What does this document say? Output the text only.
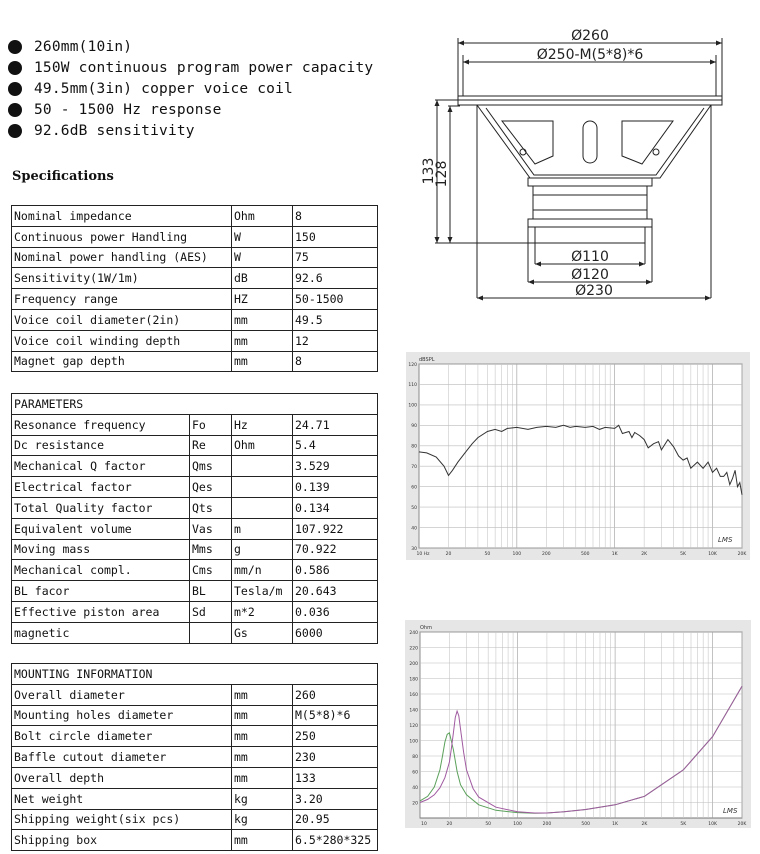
260mm(10in)
150W continuous program power capacity
49.5mm(3in) copper voice coil
50 - 1500 Hz response
92.6dB sensitivity
Specifications
Nominal impedance	Ohm	8
Continuous power Handling	W	150
Nominal power handling (AES)	W	75
Sensitivity(1W/1m)	dB	92.6
Frequency range	HZ	50-1500
Voice coil diameter(2in)	mm	49.5
Voice coil winding depth	mm	12
Magnet gap depth	mm	8
PARAMETERS			
Resonance frequency	Fo	Hz	24.71
Dc resistance	Re	Ohm	5.4
Mechanical Q factor	Qms		3.529
Electrical factor	Qes		0.139
Total Quality factor	Qts		0.134
Equivalent volume	Vas	m	107.922
Moving mass	Mms	g	70.922
Mechanical compl.	Cms	mm/n	0.586
BL facor	BL	Tesla/m	20.643
Effective piston area	Sd	m*2	0.036
magnetic		Gs	6000
MOUNTING INFORMATION		
Overall diameter	mm	260
Mounting holes diameter	mm	M(5*8)*6
Bolt circle diameter	mm	250
Baffle cutout diameter	mm	230
Overall depth	mm	133
Net weight	kg	3.20
Shipping weight(six pcs)	kg	20.95
Shipping box	mm	6.5*280*325
Ø260
Ø250-M(5*8)*6
Ø110
Ø120
Ø230
133
128
120
110
100
90
80
70
60
50
40
30
10 Hz	20	50	100	200	500	1K	2K	5K	10K	20K
dBSPL
LMS
240
220
200
180
160
140
120
100
80
60
40
20
10	20	50	100	200	500	1K	2K	5K	10K	20K
Ohm
LMS
